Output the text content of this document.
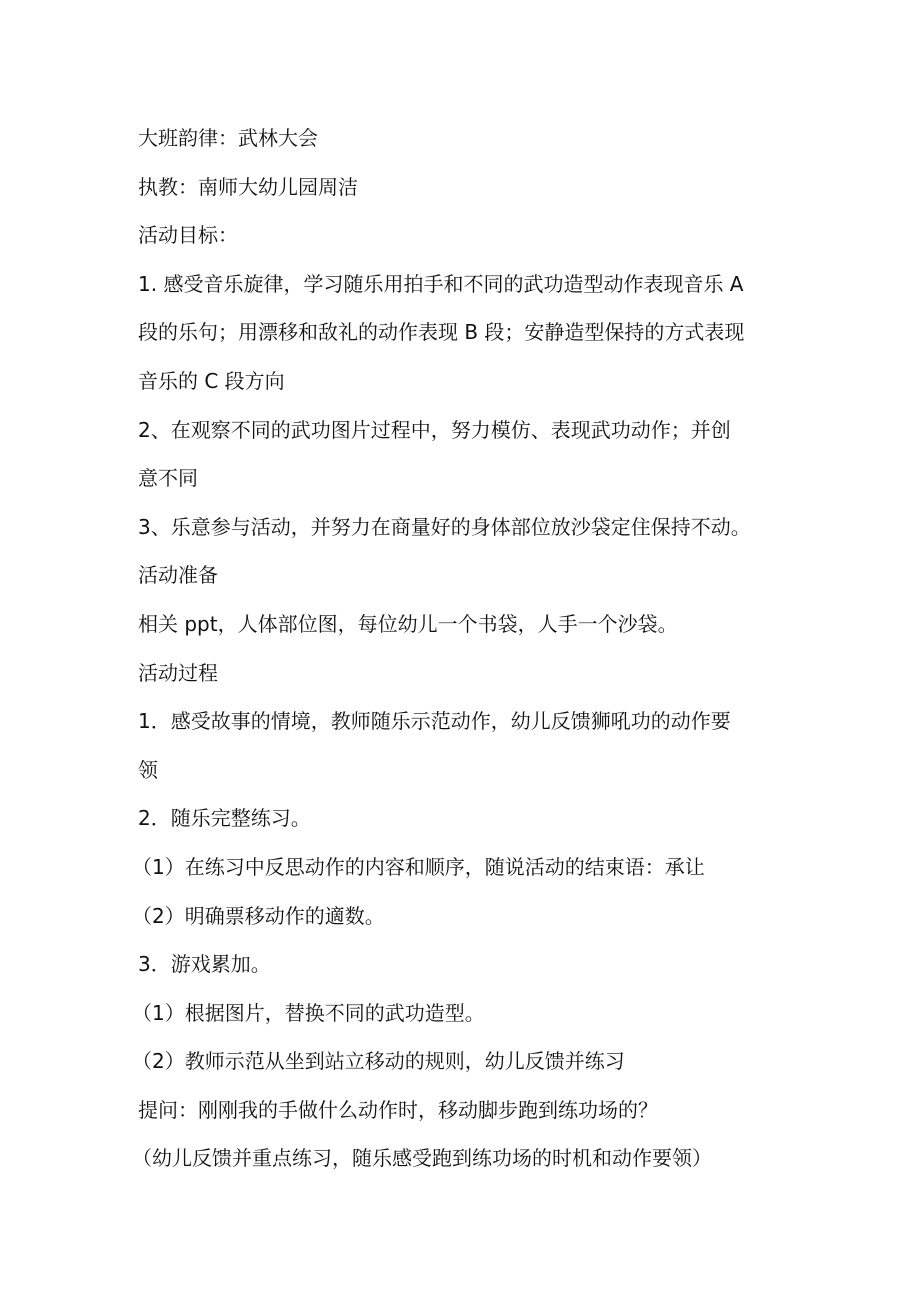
大班韵律：武林大会
执教：南师大幼儿园周洁
活动目标：
1. 感受音乐旋律，学习随乐用拍手和不同的武功造型动作表现音乐 A
段的乐句；用漂移和敌礼的动作表现 B 段；安静造型保持的方式表现
音乐的 C 段方向
2、在观察不同的武功图片过程中，努力模仿、表现武功动作；并创
意不同
3、乐意参与活动，并努力在商量好的身体部位放沙袋定住保持不动。
活动准备
相关 ppt，人体部位图，每位幼儿一个书袋，人手一个沙袋。
活动过程
1．感受故事的情境，教师随乐示范动作，幼儿反馈狮吼功的动作要
领
2．随乐完整练习。
（1）在练习中反思动作的内容和顺序，随说活动的结束语：承让
（2）明确票移动作的適数。
3．游戏累加。
（1）根据图片，替换不同的武功造型。
（2）教师示范从坐到站立移动的规则，幼儿反馈并练习
提问：刚刚我的手做什么动作时，移动脚步跑到练功场的？
（幼儿反馈并重点练习，随乐感受跑到练功场的时机和动作要领）
